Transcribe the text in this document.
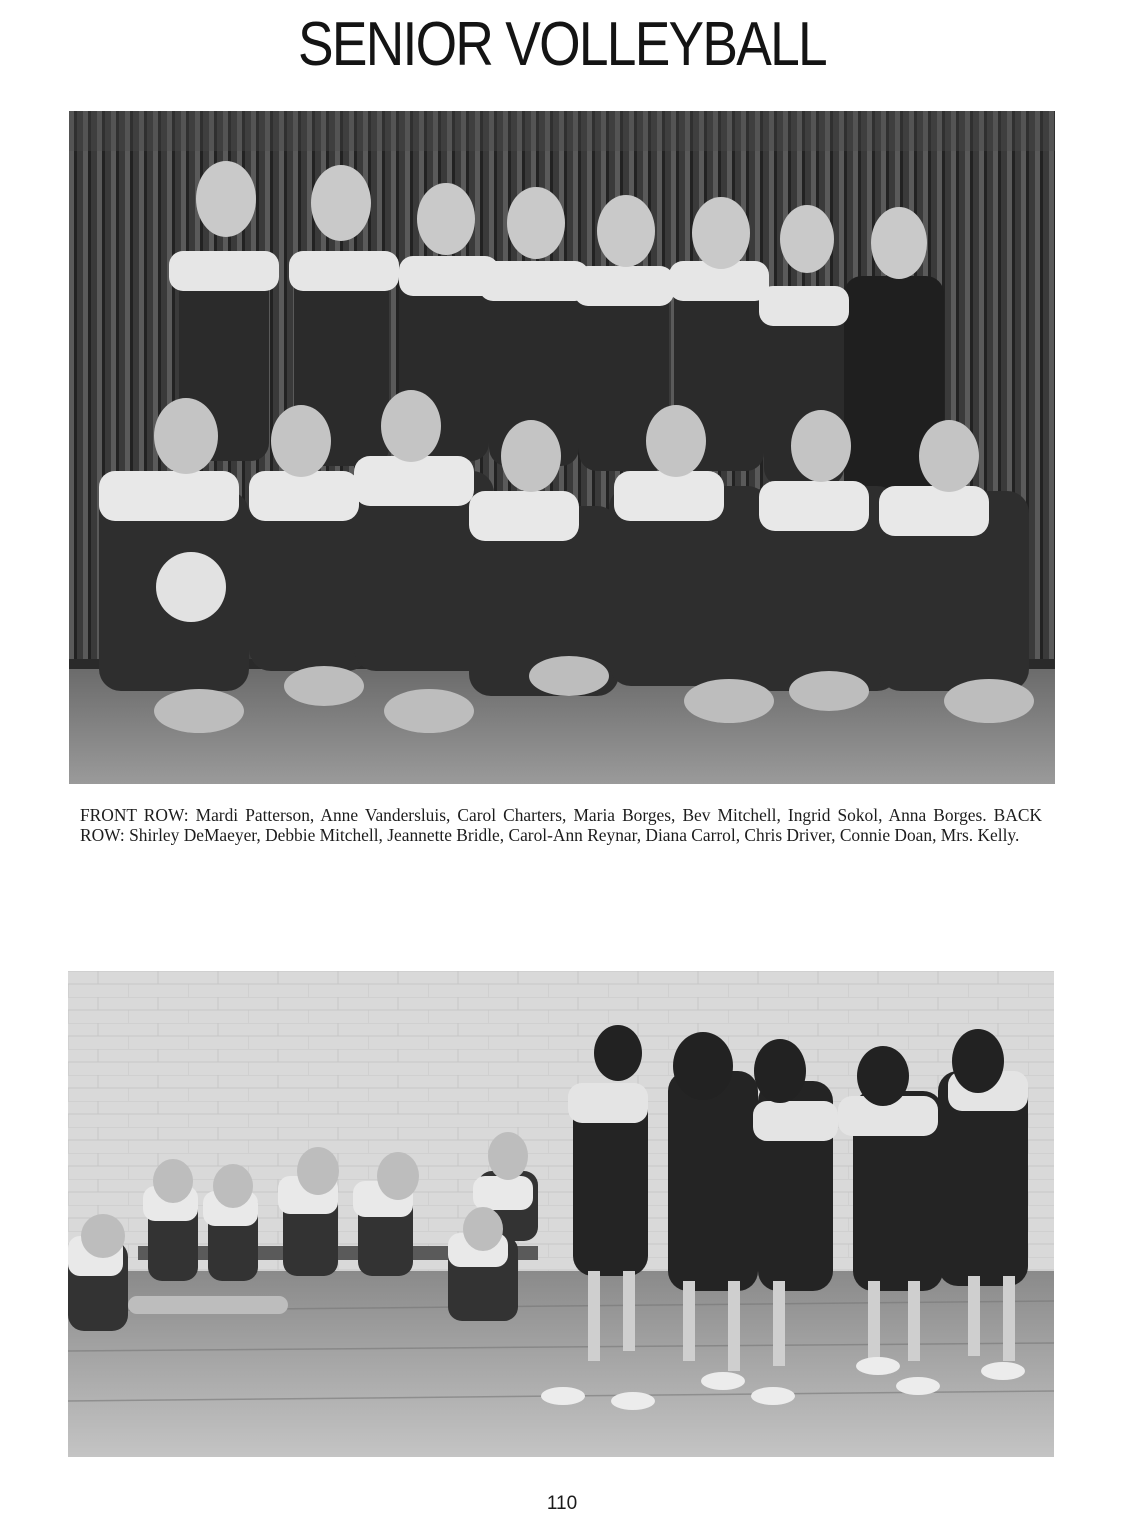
SENIOR VOLLEYBALL

FRONT ROW: Mardi Patterson, Anne Vandersluis, Carol Charters, Maria Borges, Bev Mitchell, Ingrid Sokol, Anna Borges. BACK ROW: Shirley DeMaeyer, Debbie Mitchell, Jeannette Bridle, Carol-Ann Reynar, Diana Carrol, Chris Driver, Connie Doan, Mrs. Kelly.

110
